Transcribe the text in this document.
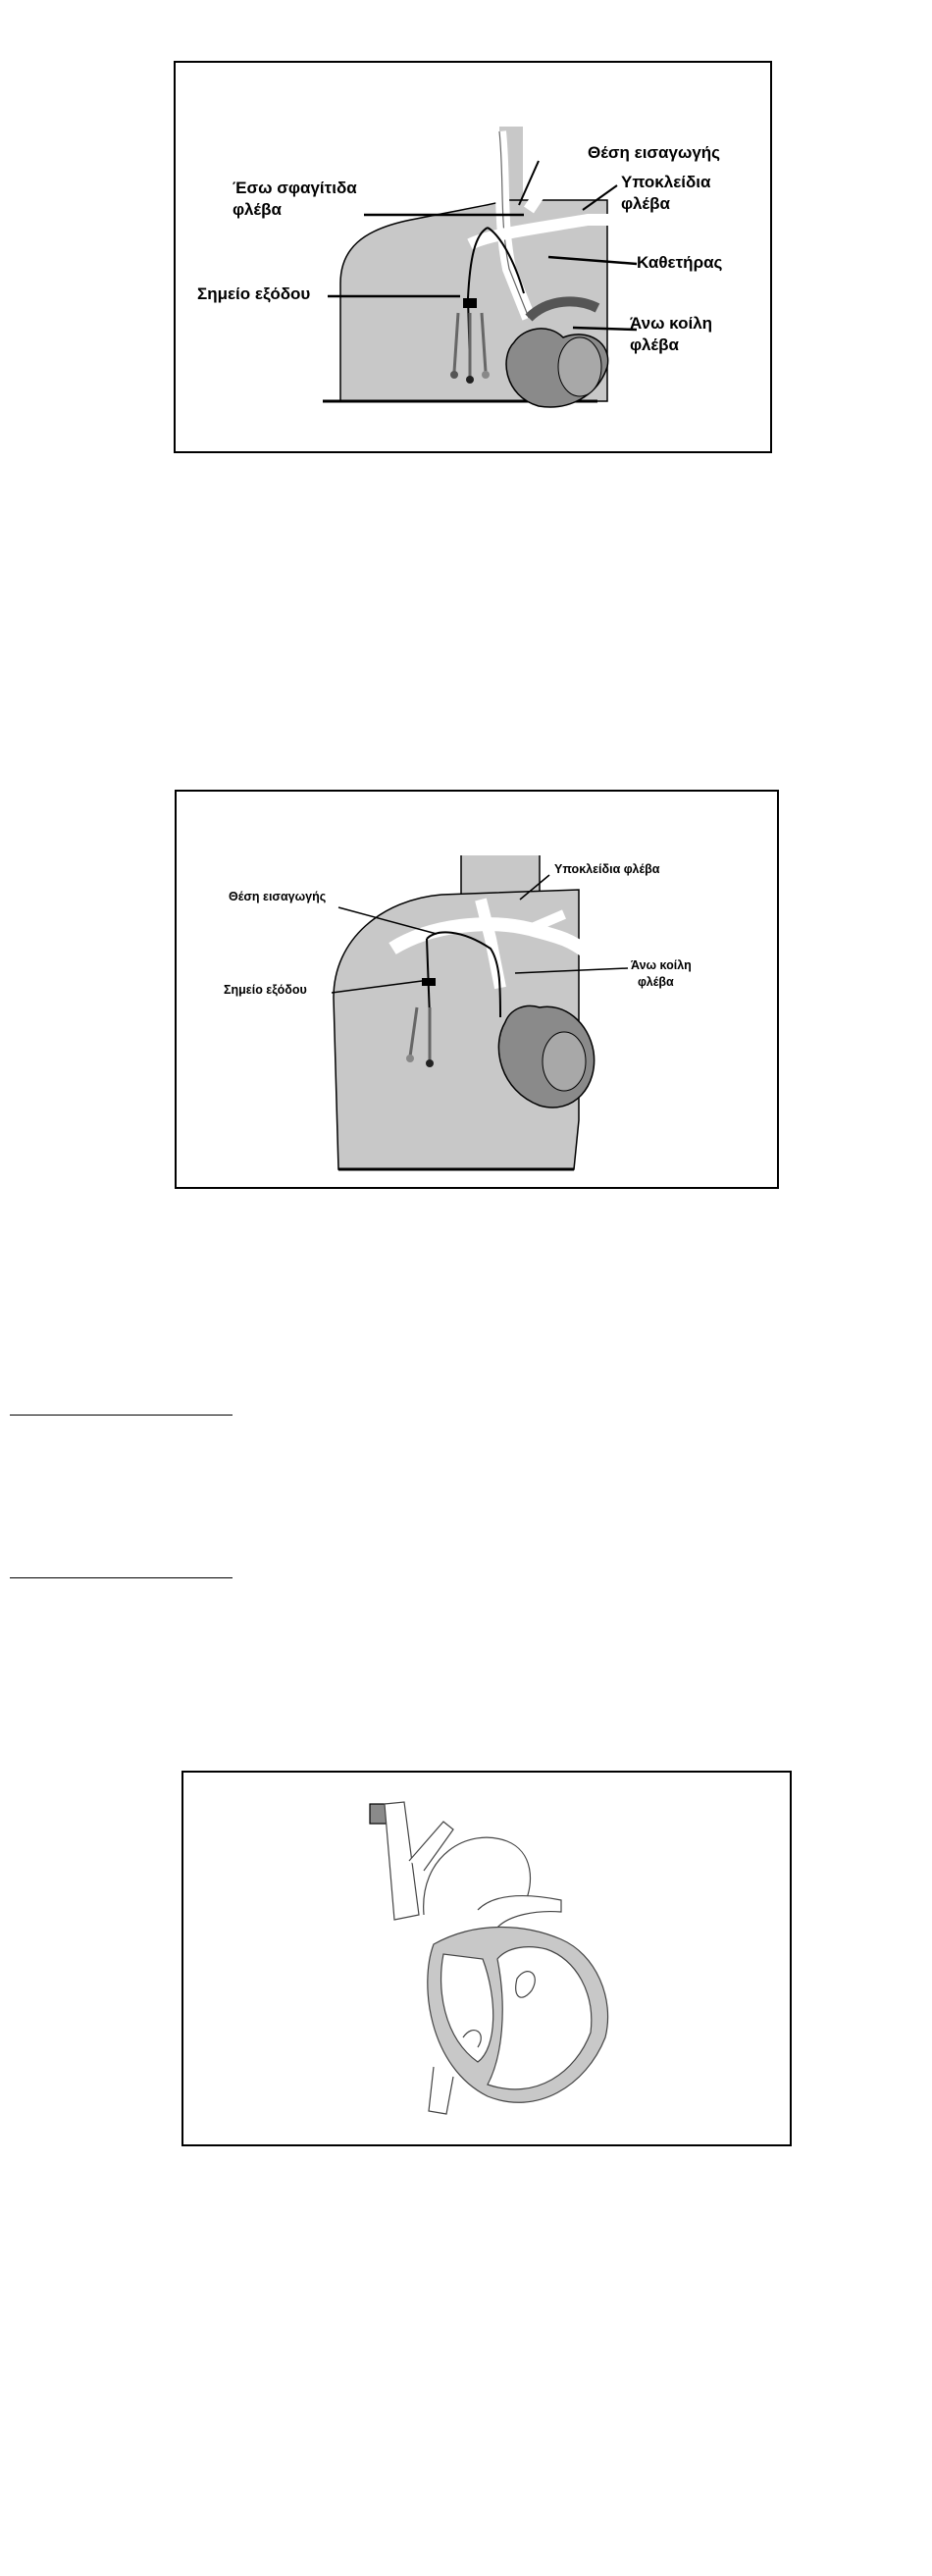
Θέση εισαγωγής
Έσω σφαγίτιδα
φλέβα
Υποκλείδια
φλέβα
Καθετήρας
Σημείο εξόδου
Άνω κοίλη
φλέβα
Υποκλείδια φλέβα
Θέση εισαγωγής
Άνω κοίλη
φλέβα
Σημείο εξόδου
